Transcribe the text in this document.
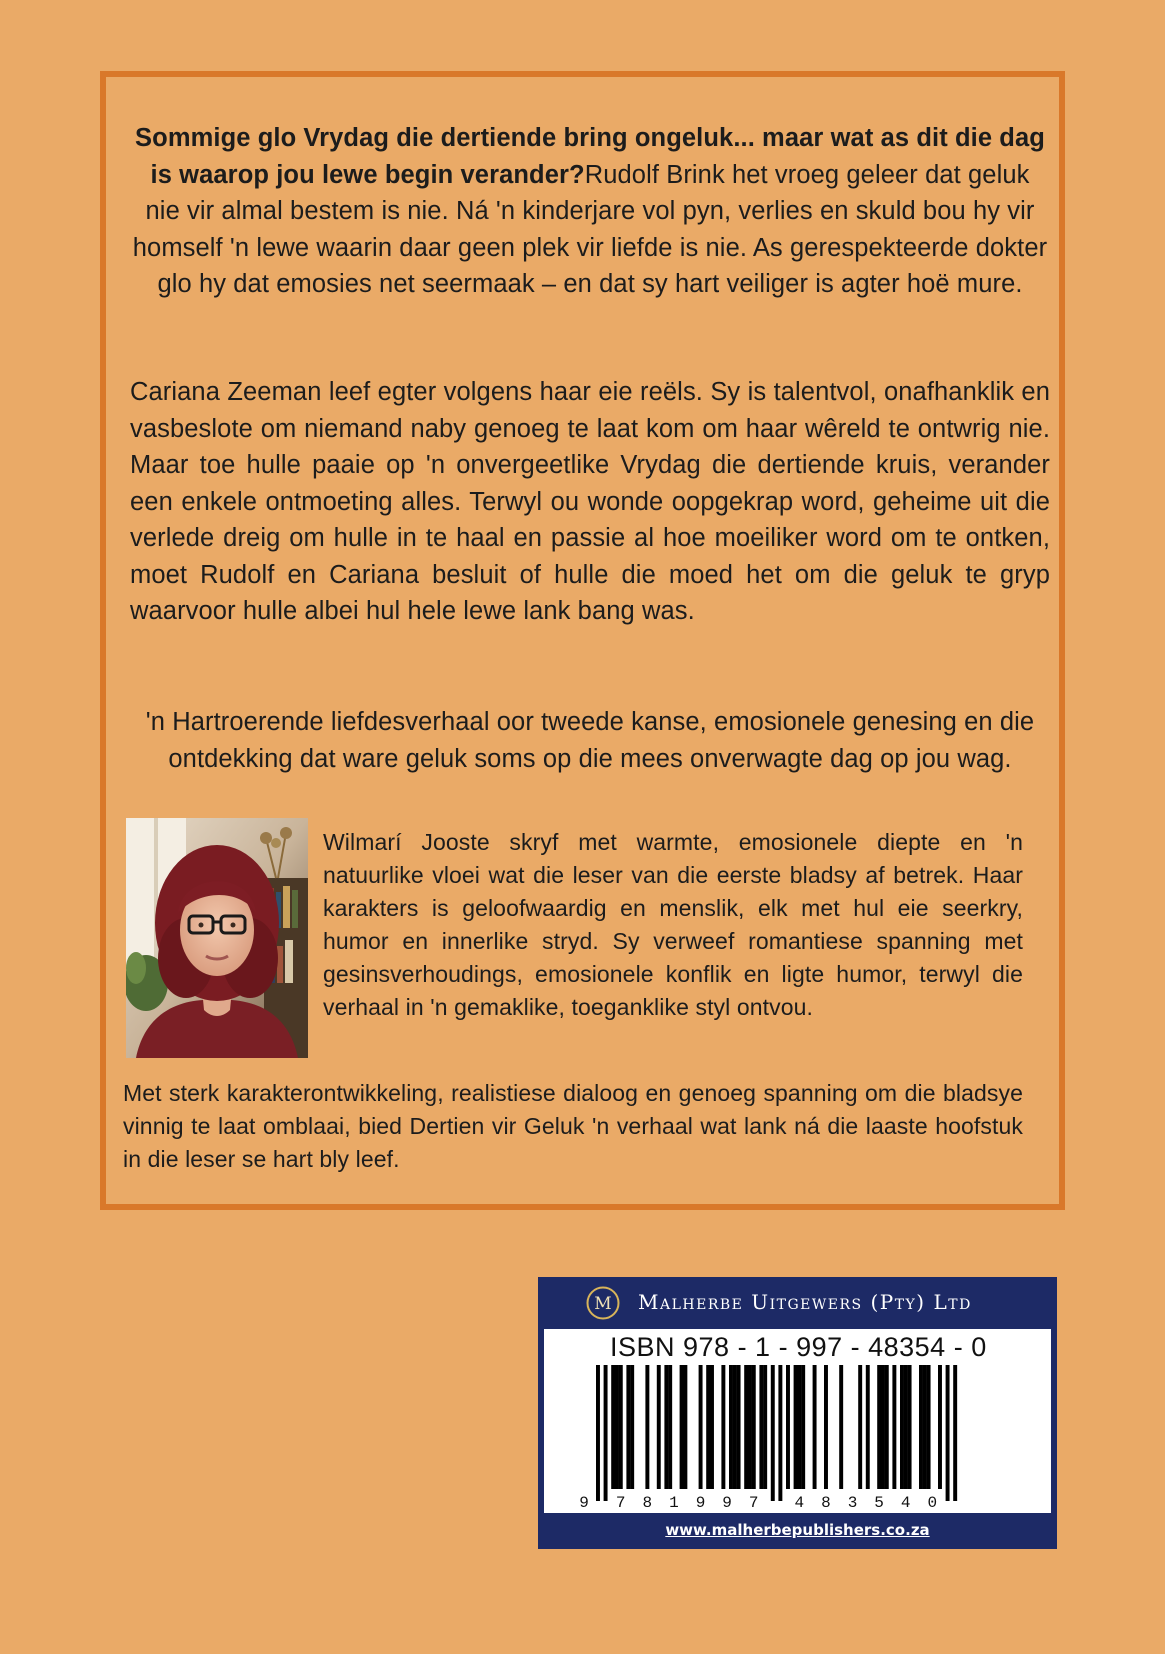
Sommige glo Vrydag die dertiende bring ongeluk... maar wat as dit die dag is waarop jou lewe begin verander?Rudolf Brink het vroeg geleer dat geluk nie vir almal bestem is nie. Ná 'n kinderjare vol pyn, verlies en skuld bou hy vir homself 'n lewe waarin daar geen plek vir liefde is nie. As gerespekteerde dokter glo hy dat emosies net seermaak – en dat sy hart veiliger is agter hoë mure.

Cariana Zeeman leef egter volgens haar eie reëls. Sy is talentvol, onafhanklik en vasbeslote om niemand naby genoeg te laat kom om haar wêreld te ontwrig nie. Maar toe hulle paaie op 'n onvergeetlike Vrydag die dertiende kruis, verander een enkele ontmoeting alles. Terwyl ou wonde oopgekrap word, geheime uit die verlede dreig om hulle in te haal en passie al hoe moeiliker word om te ontken, moet Rudolf en Cariana besluit of hulle die moed het om die geluk te gryp waarvoor hulle albei hul hele lewe lank bang was.

'n Hartroerende liefdesverhaal oor tweede kanse, emosionele genesing en die ontdekking dat ware geluk soms op die mees onverwagte dag op jou wag.

Wilmarí Jooste skryf met warmte, emosionele diepte en 'n natuurlike vloei wat die leser van die eerste bladsy af betrek. Haar karakters is geloofwaardig en menslik, elk met hul eie seerkry, humor en innerlike stryd. Sy verweef romantiese spanning met gesinsverhoudings, emosionele konflik en ligte humor, terwyl die verhaal in 'n gemaklike, toeganklike styl ontvou.

Met sterk karakterontwikkeling, realistiese dialoog en genoeg spanning om die bladsye vinnig te laat omblaai, bied Dertien vir Geluk 'n verhaal wat lank ná die laaste hoofstuk in die leser se hart bly leef.

M Malherbe Uitgewers (Pty) Ltd
ISBN 978 - 1 - 997 - 48354 - 0
9 7 8 1 9 9 7 4 8 3 5 4 0
www.malherbepublishers.co.za
